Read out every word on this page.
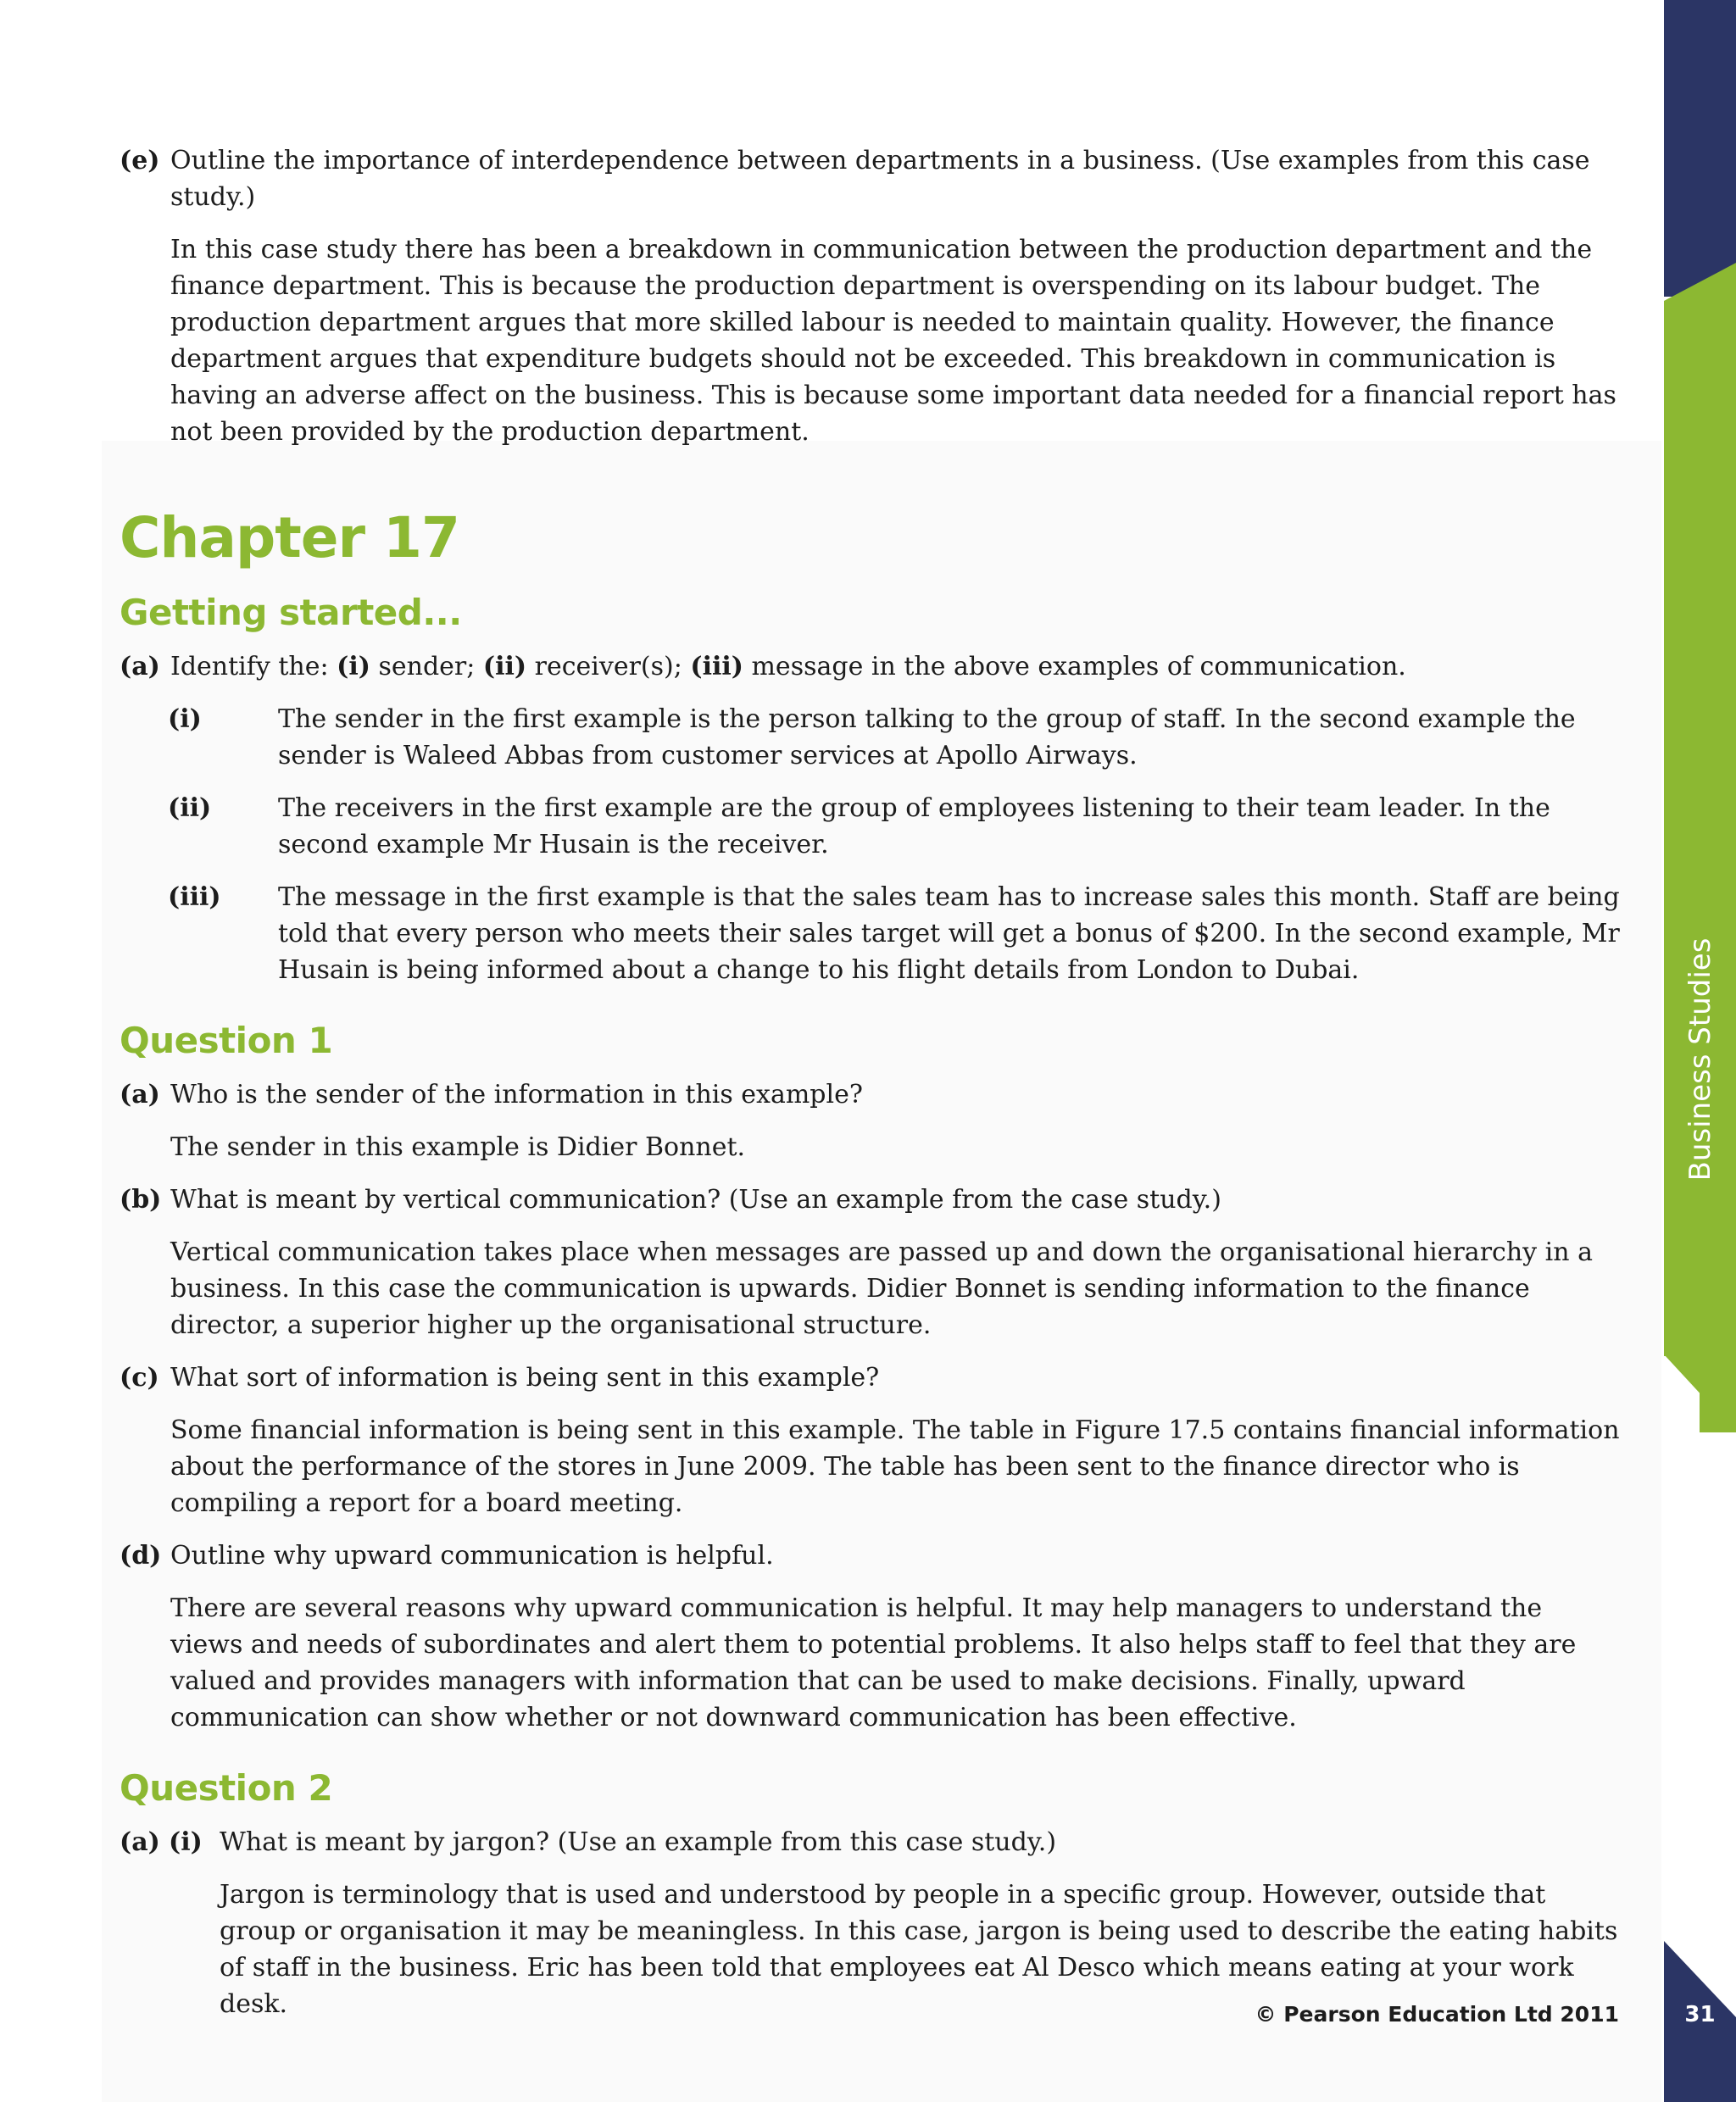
(e) Outline the importance of interdependence between departments in a business. (Use examples from this case study.)

In this case study there has been a breakdown in communication between the production department and the finance department. This is because the production department is overspending on its labour budget. The production department argues that more skilled labour is needed to maintain quality. However, the finance department argues that expenditure budgets should not be exceeded. This breakdown in communication is having an adverse affect on the business. This is because some important data needed for a financial report has not been provided by the production department.

Chapter 17
Getting started...
(a) Identify the: (i) sender; (ii) receiver(s); (iii) message in the above examples of communication.
(i)	The sender in the first example is the person talking to the group of staff. In the second example the sender is Waleed Abbas from customer services at Apollo Airways.
(ii)	The receivers in the first example are the group of employees listening to their team leader. In the second example Mr Husain is the receiver.
(iii) The message in the first example is that the sales team has to increase sales this month. Staff are being told that every person who meets their sales target will get a bonus of $200. In the second example, Mr Husain is being informed about a change to his flight details from London to Dubai.
Question 1
(a) Who is the sender of the information in this example?

The sender in this example is Didier Bonnet.

(b) What is meant by vertical communication? (Use an example from the case study.)

Vertical communication takes place when messages are passed up and down the organisational hierarchy in a business. In this case the communication is upwards. Didier Bonnet is sending information to the finance director, a superior higher up the organisational structure.

(c) What sort of information is being sent in this example?

Some financial information is being sent in this example. The table in Figure 17.5 contains financial information about the performance of the stores in June 2009. The table has been sent to the finance director who is compiling a report for a board meeting.

(d) Outline why upward communication is helpful.

There are several reasons why upward communication is helpful. It may help managers to understand the views and needs of subordinates and alert them to potential problems. It also helps staff to feel that they are valued and provides managers with information that can be used to make decisions. Finally, upward communication can show whether or not downward communication has been effective.

Question 2
(a) (i) What is meant by jargon? (Use an example from this case study.)

Jargon is terminology that is used and understood by people in a specific group. However, outside that group or organisation it may be meaningless. In this case, jargon is being used to describe the eating habits of staff in the business. Eric has been told that employees eat Al Desco which means eating at your work desk.

Business Studies
© Pearson Education Ltd 2011	31
